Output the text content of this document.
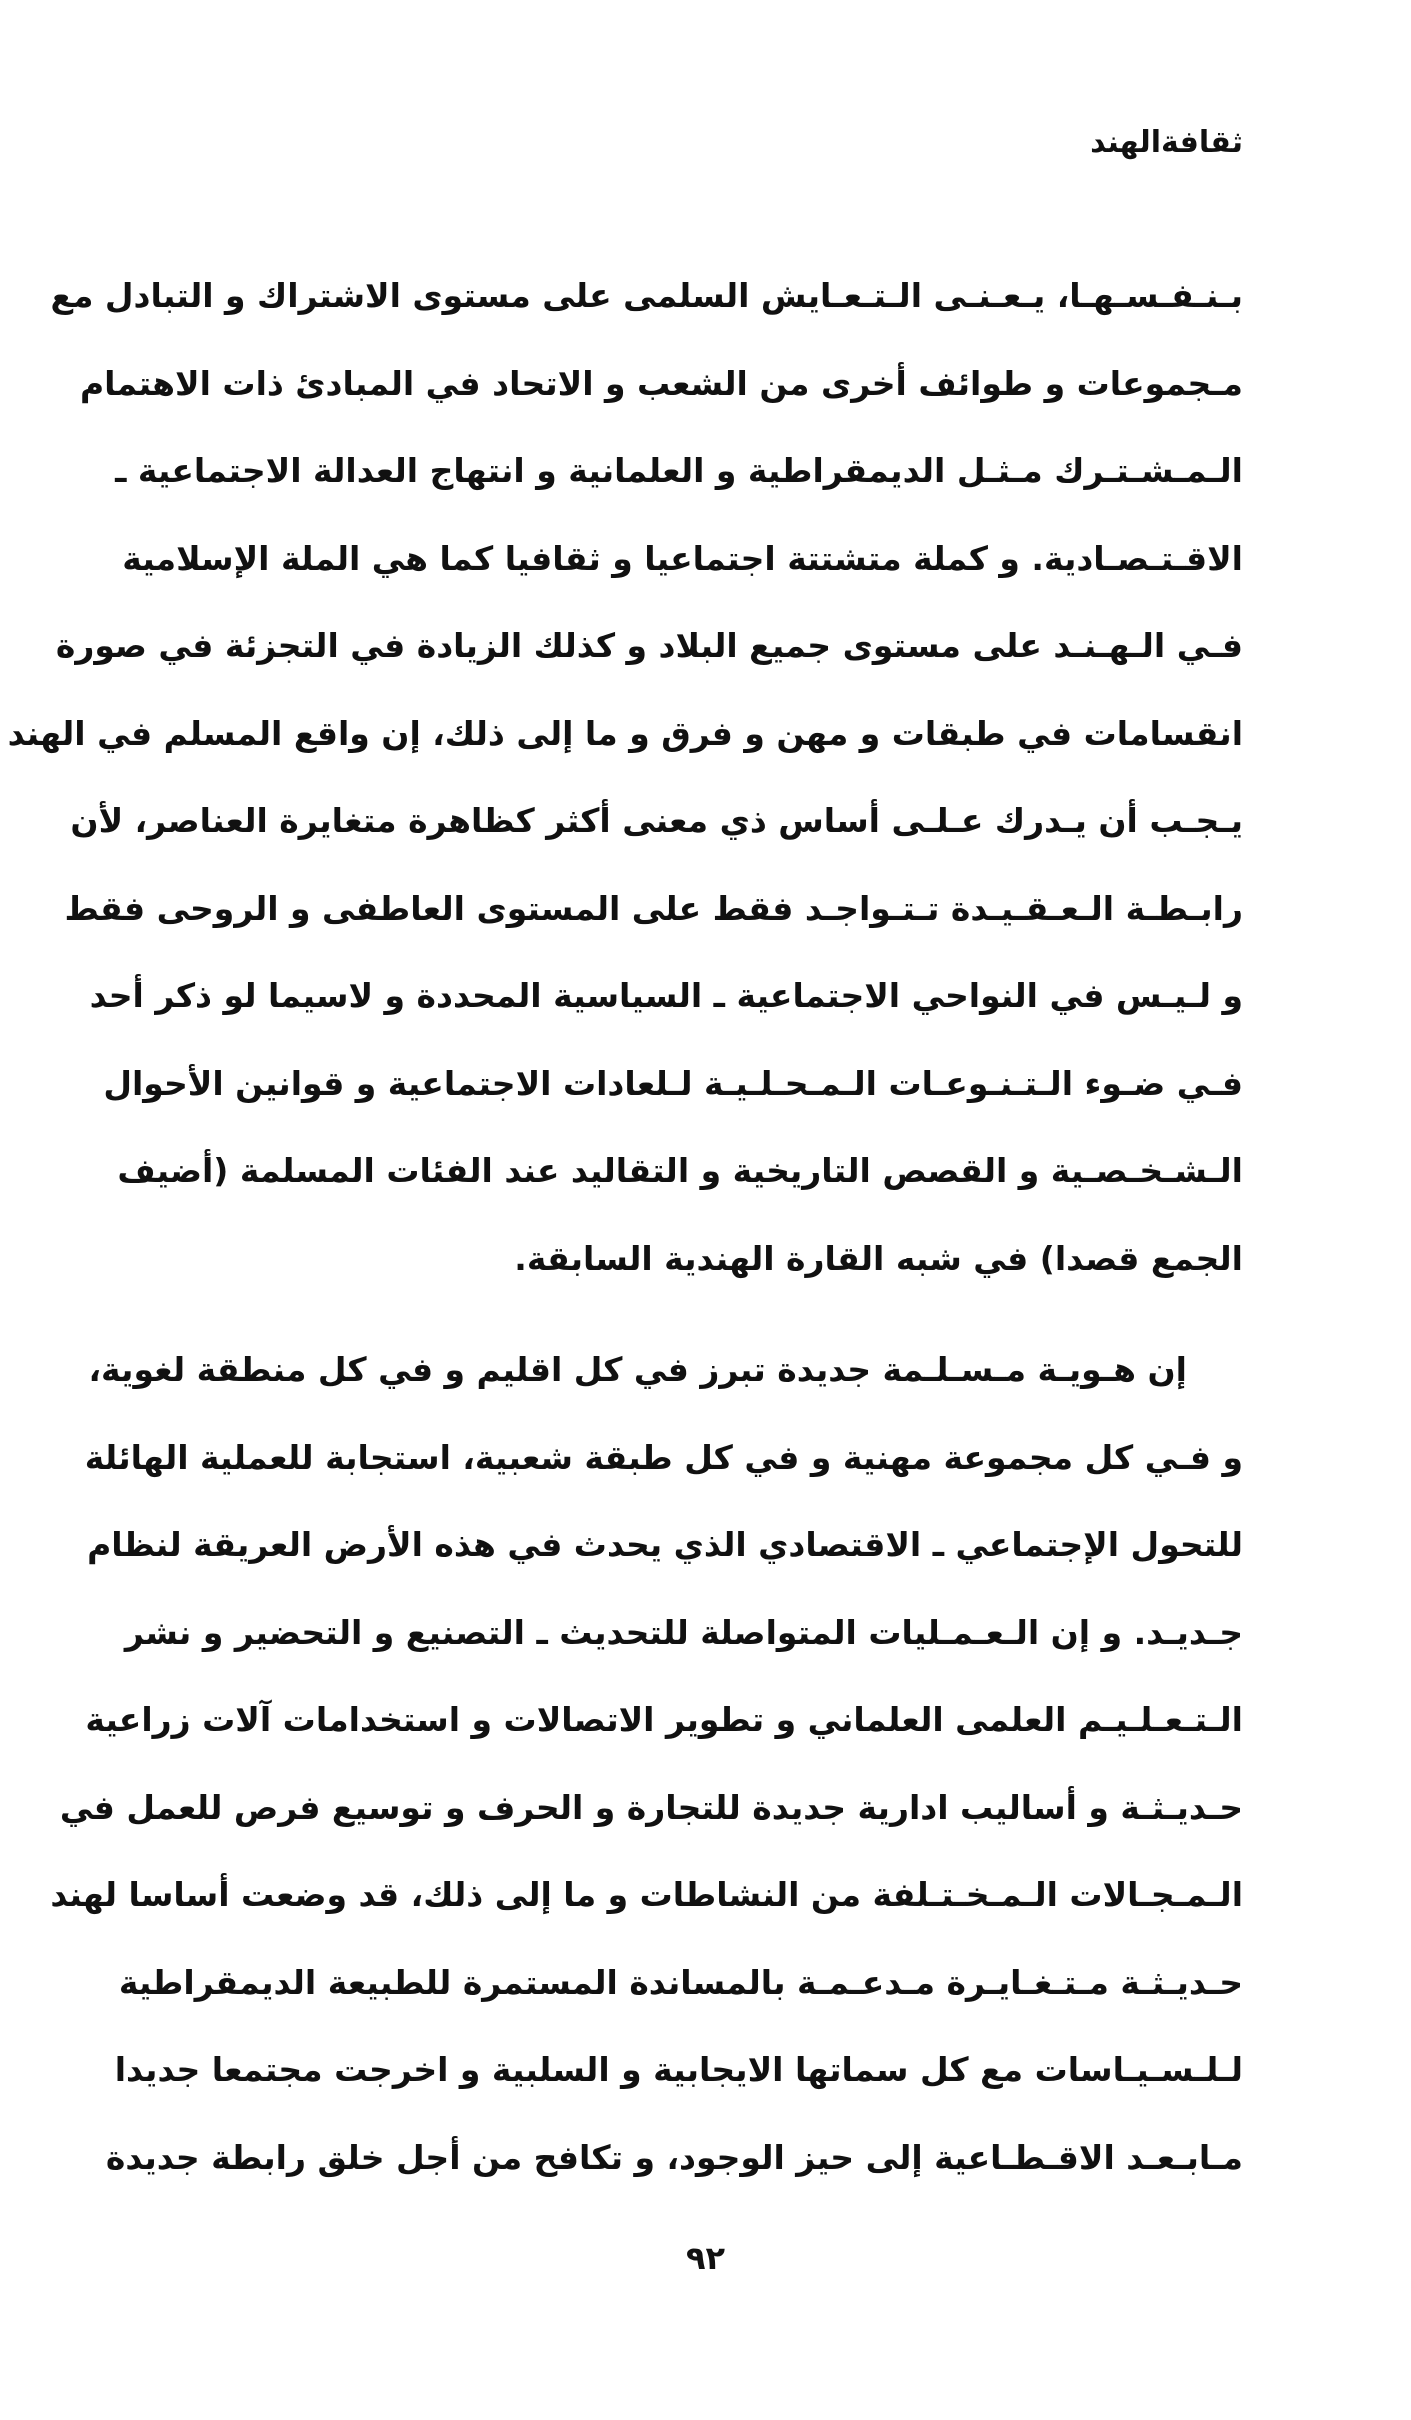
ثقافةالهند

بـنـفـسـهـا، يـعـنـى الـتـعـايش السلمى على مستوى الاشتراك و التبادل مع
مـجموعات و طوائف أخرى من الشعب و الاتحاد في المبادئ ذات الاهتمام
الـمـشـتـرك مـثـل الديمقراطية و العلمانية و انتهاج العدالة الاجتماعية ـ
الاقـتـصـادية. و كملة متشتتة اجتماعيا و ثقافيا كما هي الملة الإسلامية
فـي الـهـنـد على مستوى جميع البلاد و كذلك الزيادة في التجزئة في صورة
انقسامات في طبقات و مهن و فرق و ما إلى ذلك، إن واقع المسلم في الهند
يـجـب أن يـدرك عـلـى أساس ذي معنى أكثر كظاهرة متغايرة العناصر، لأن
رابـطـة الـعـقـيـدة تـتـواجـد فقط على المستوى العاطفى و الروحى فقط
و لـيـس في النواحي الاجتماعية ـ السياسية المحددة و لاسيما لو ذكر أحد
فـي ضـوء الـتـنـوعـات الـمـحـلـيـة لـلعادات الاجتماعية و قوانين الأحوال
الـشـخـصـية و القصص التاريخية و التقاليد عند الفئات المسلمة (أضيف
الجمع قصدا) في شبه القارة الهندية السابقة.

إن هـويـة مـسـلـمة جديدة تبرز في كل اقليم و في كل منطقة لغوية،
و فـي كل مجموعة مهنية و في كل طبقة شعبية، استجابة للعملية الهائلة
للتحول الإجتماعي ـ الاقتصادي الذي يحدث في هذه الأرض العريقة لنظام
جـديـد. و إن الـعـمـليات المتواصلة للتحديث ـ التصنيع و التحضير و نشر
الـتـعـلـيـم العلمى العلماني و تطوير الاتصالات و استخدامات آلات زراعية
حـديـثـة و أساليب ادارية جديدة للتجارة و الحرف و توسيع فرص للعمل في
الـمـجـالات الـمـخـتـلفة من النشاطات و ما إلى ذلك، قد وضعت أساسا لهند
حـديـثـة مـتـغـايـرة مـدعـمـة بالمساندة المستمرة للطبيعة الديمقراطية
لـلـسـيـاسات مع كل سماتها الايجابية و السلبية و اخرجت مجتمعا جديدا
مـابـعـد الاقـطـاعية إلى حيز الوجود، و تكافح من أجل خلق رابطة جديدة

٩٢
